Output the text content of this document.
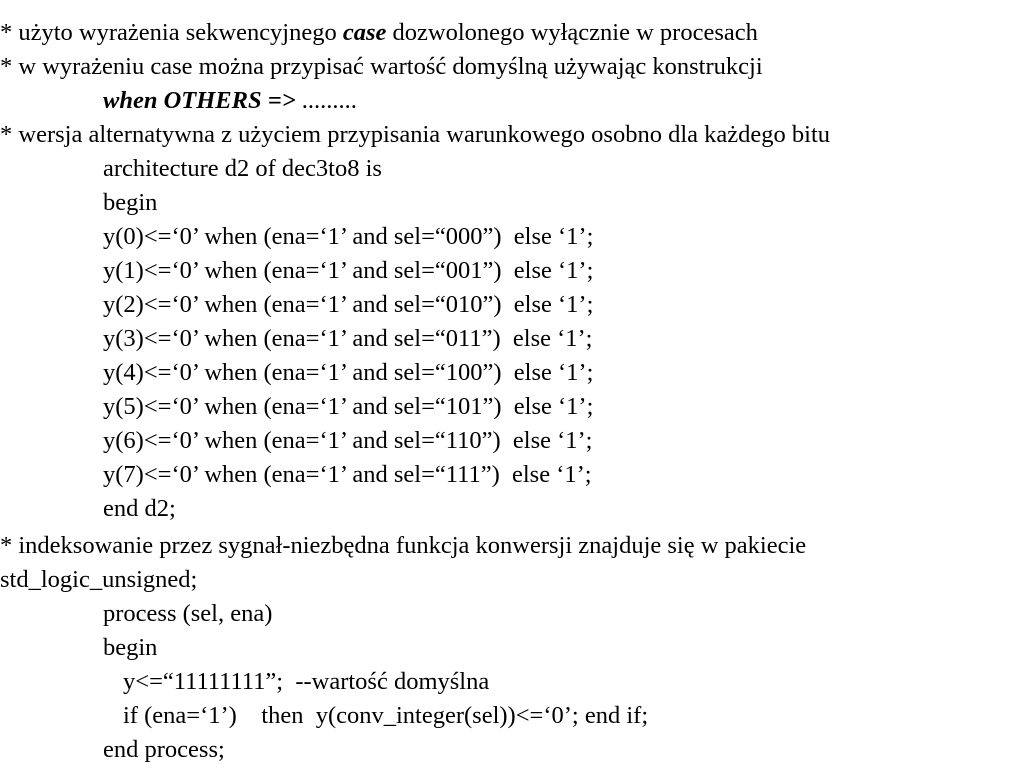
* użyto wyrażenia sekwencyjnego case dozwolonego wyłącznie w procesach
* w wyrażeniu case można przypisać wartość domyślną używając konstrukcji
when OTHERS => .........
* wersja alternatywna z użyciem przypisania warunkowego osobno dla każdego bitu
architecture d2 of dec3to8 is
begin
y(0)<=‘0’ when (ena=‘1’ and sel=“000”)  else ‘1’;
y(1)<=‘0’ when (ena=‘1’ and sel=“001”)  else ‘1’;
y(2)<=‘0’ when (ena=‘1’ and sel=“010”)  else ‘1’;
y(3)<=‘0’ when (ena=‘1’ and sel=“011”)  else ‘1’;
y(4)<=‘0’ when (ena=‘1’ and sel=“100”)  else ‘1’;
y(5)<=‘0’ when (ena=‘1’ and sel=“101”)  else ‘1’;
y(6)<=‘0’ when (ena=‘1’ and sel=“110”)  else ‘1’;
y(7)<=‘0’ when (ena=‘1’ and sel=“111”)  else ‘1’;
end d2;
* indeksowanie przez sygnał-niezbędna funkcja konwersji znajduje się w pakiecie
std_logic_unsigned;
process (sel, ena)
begin
y<=“11111111”;  --wartość domyślna
if (ena=‘1’)    then  y(conv_integer(sel))<=‘0’; end if;
end process;
